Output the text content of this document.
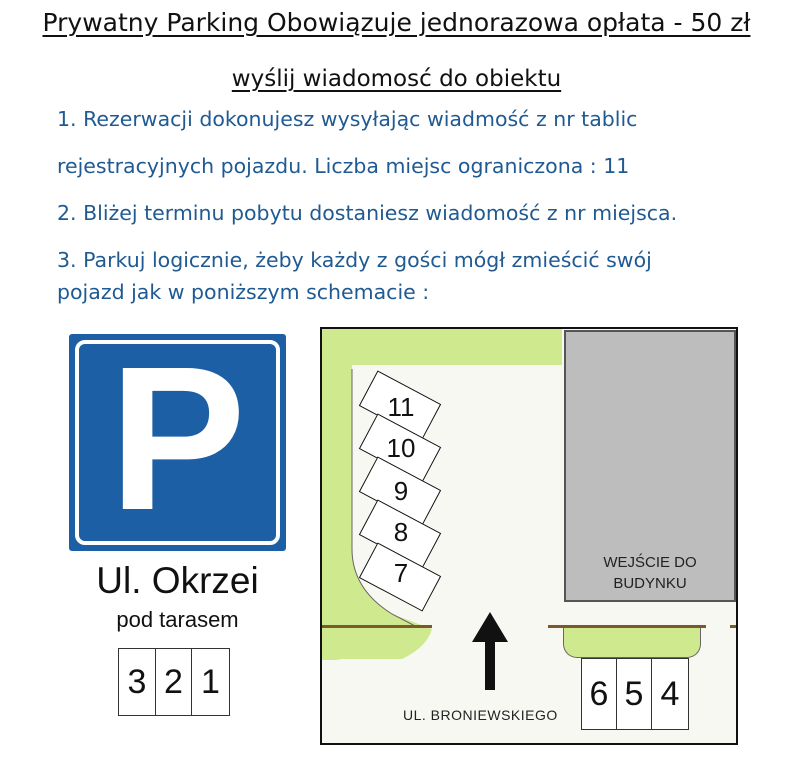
Prywatny Parking Obowiązuje jednorazowa opłata - 50 zł
wyślij wiadomosć do obiektu
1. Rezerwacji dokonujesz wysyłając wiadmość z nr tablic
rejestracyjnych pojazdu. Liczba miejsc ograniczona : 11
2. Bliżej terminu pobytu dostaniesz wiadomość z nr miejsca.
3. Parkuj logicznie, żeby każdy z gości mógł zmieścić swój
pojazd jak w poniższym schemacie :
P
Ul. Okrzei
pod tarasem
3 2 1
WEJŚCIE DO
BUDYNKU
11
10
9
8
7
UL. BRONIEWSKIEGO
6 5 4
